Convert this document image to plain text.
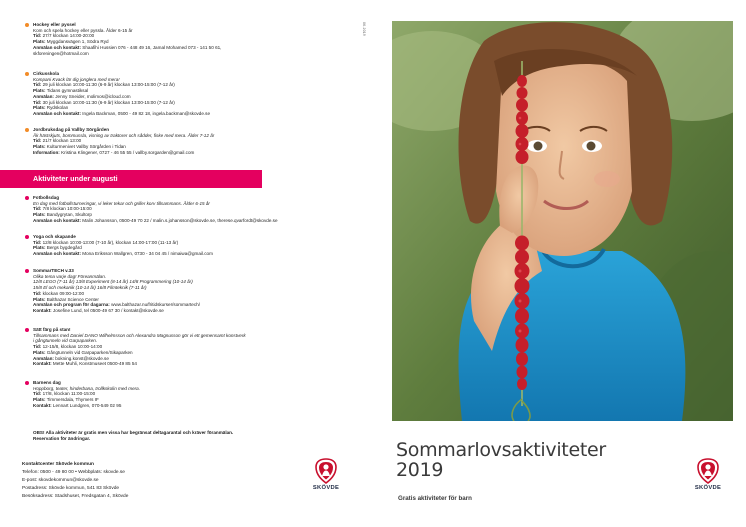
06.2019
Hockey eller pyssel
Kom och spela hockey eller pyssla. Ålder 6-15 år
Tid: 27/7 klockan 14:00-20:00
Plats: Myggdansvägen 1, Södra Ryd
Anmälan och kontakt: Shaafihi Hussien 076 - 448 49 16, Jamal Mohamed 073 - 141 50 61,
skforeningen@hotmail.com
Cirkusskola
Kompani Kvack lär dig jonglera med mera!
Tid: 29 juli klockan 10:00-11:30 (6-9 år) klockan 13:00-15:00 (7-12 år)
Plats: Tidans gymnastiksal
Anmälan: Jenny Sneider, molimos@icloud.com
Tid: 30 juli klockan 10:00-11:30 (6-9 år) klockan 13:00-15:00 (7-12 år)
Plats: Rydskolan
Anmälan och kontakt: Ingela Backman, 0500 - 49 82 18, ingela.backman@skovde.se
Jordbruksdag på Vallby Sörgården
Åk hästskjuts, bommussla, visning av traktorer och sådder, fiske med mera. Ålder 7-12 år
Tid: 21/7 klockan 13:00
Plats: Kulturmenivet Vallby Sörgården i Tidan
Information: Kristina Klingener, 0727 - 46 55 55 / vallby.sorgarden@gmail.com
Aktiviteter under augusti
Fotbollsdag
En dag med fotbollsturneringar, vi leker tekar och griller korv tillsammans. Ålder 6-15 år
Tid: 7/8 klockan 10:00-15:00
Plats: Bandygrytan, Skultorp
Anmälan och kontakt: Malin Johansson, 0500-49 70 22 / malin.s.johansson@skovde.se, therese.qvarfordt@skovde.se
Yoga och skapande
Tid: 12/8 klockan 10:00-13:00 (7-10 år), klockan 14:00-17:00 (11-13 år)
Plats: Bergs bygdegård
Anmälan och kontakt: Mona Eriksson Wallgren, 0730 - 34 04 45 / nimaiwa@gmail.com
SommarTECH v.33
Olika tema varje dag! Föreanmälan.
12/8 LEGO (7-11 år) 13/8 Experiment (8-14 år) 14/8 Programmering (10-14 år)
15/8 El och mekanik (10-14 år) 16/8 Filmteknik (7-11 år)
Tid: klockan 09:00-12:00
Plats: Balthazar Science Center
Anmälan och program för dagarna: www.balthazar.nu/fritidskurser/sommartech/
Kontakt: Josefine Lund, tel 0500-49 67 30 / kontakt@skovde.se
Sätt färg på stan!
Tillsammans med Daniel DANO Wilhelmsson och Alexandra Magnusson gör vi ett gemensamt konstverk
i gångtunneln vid Garpaparken.
Tid: 12-15/8, klockan 10:00-14:00
Plats: Gångtunneln vid Garpaparken/Sikaparken
Anmälan: bokning.konst@skovde.se
Kontakt: Mette Muhli, Konstmuseet 0500-49 85 54
Barnens dag
Hoppborg, teater, hinderbana, trollkskolin med mera.
Tid: 17/8, klockan 11:00-15:00
Plats: Timmersdala, Thymers IF
Kontakt: Lennart Lundgren, 070-549 02 95
OBS! Alla aktiviteter är gratis men vissa har begränsat deltagarantal och kräver föranmälan.
Reservation för ändringar.
Kontaktcenter Skövde kommun
Telefon: 0500 - 49 80 00 • Webbplats: skovde.se
E-post: skovdekommun@skovde.se
Postadress: Skövde kommun, 541 83 Skövde
Besöksadress: Stadshuset, Fredsgatan 4, Skövde
SKÖVDE
Sommarlovsaktiviteter
2019
Gratis aktiviteter för barn
SKÖVDE
